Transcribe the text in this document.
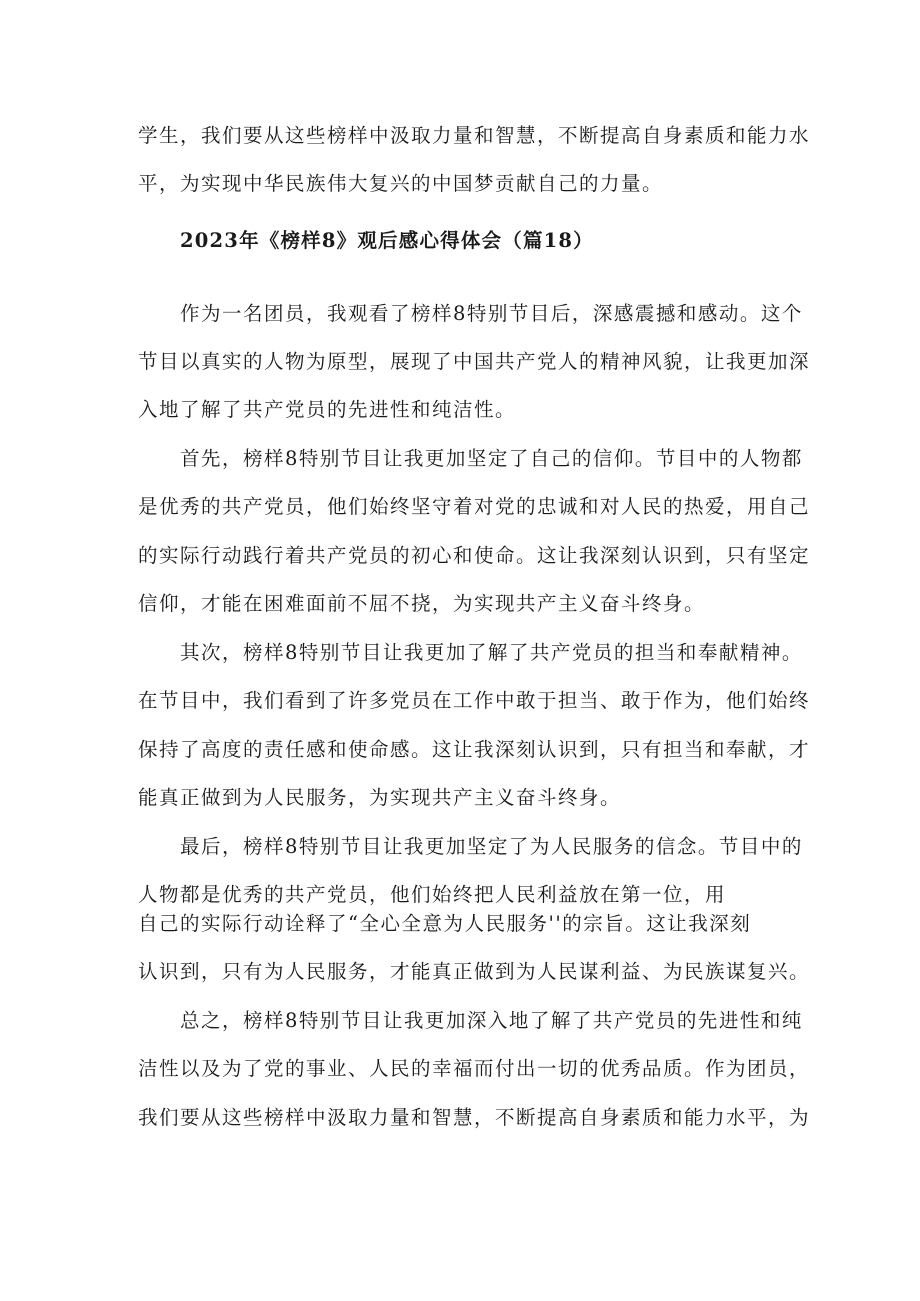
学生，我们要从这些榜样中汲取力量和智慧，不断提高自身素质和能力水
平，为实现中华民族伟大复兴的中国梦贡献自己的力量。
2023年《榜样8》观后感心得体会（篇18）
作为一名团员，我观看了榜样8特别节目后，深感震撼和感动。这个
节目以真实的人物为原型，展现了中国共产党人的精神风貌，让我更加深
入地了解了共产党员的先进性和纯洁性。
首先，榜样8特别节目让我更加坚定了自己的信仰。节目中的人物都
是优秀的共产党员，他们始终坚守着对党的忠诚和对人民的热爱，用自己
的实际行动践行着共产党员的初心和使命。这让我深刻认识到，只有坚定
信仰，才能在困难面前不屈不挠，为实现共产主义奋斗终身。
其次，榜样8特别节目让我更加了解了共产党员的担当和奉献精神。
在节目中，我们看到了许多党员在工作中敢于担当、敢于作为，他们始终
保持了高度的责任感和使命感。这让我深刻认识到，只有担当和奉献，才
能真正做到为人民服务，为实现共产主义奋斗终身。
最后，榜样8特别节目让我更加坚定了为人民服务的信念。节目中的
人物都是优秀的共产党员，他们始终把人民利益放在第一位，用
自己的实际行动诠释了“全心全意为人民服务''的宗旨。这让我深刻
认识到，只有为人民服务，才能真正做到为人民谋利益、为民族谋复兴。
总之，榜样8特别节目让我更加深入地了解了共产党员的先进性和纯
洁性以及为了党的事业、人民的幸福而付出一切的优秀品质。作为团员，
我们要从这些榜样中汲取力量和智慧，不断提高自身素质和能力水平，为
